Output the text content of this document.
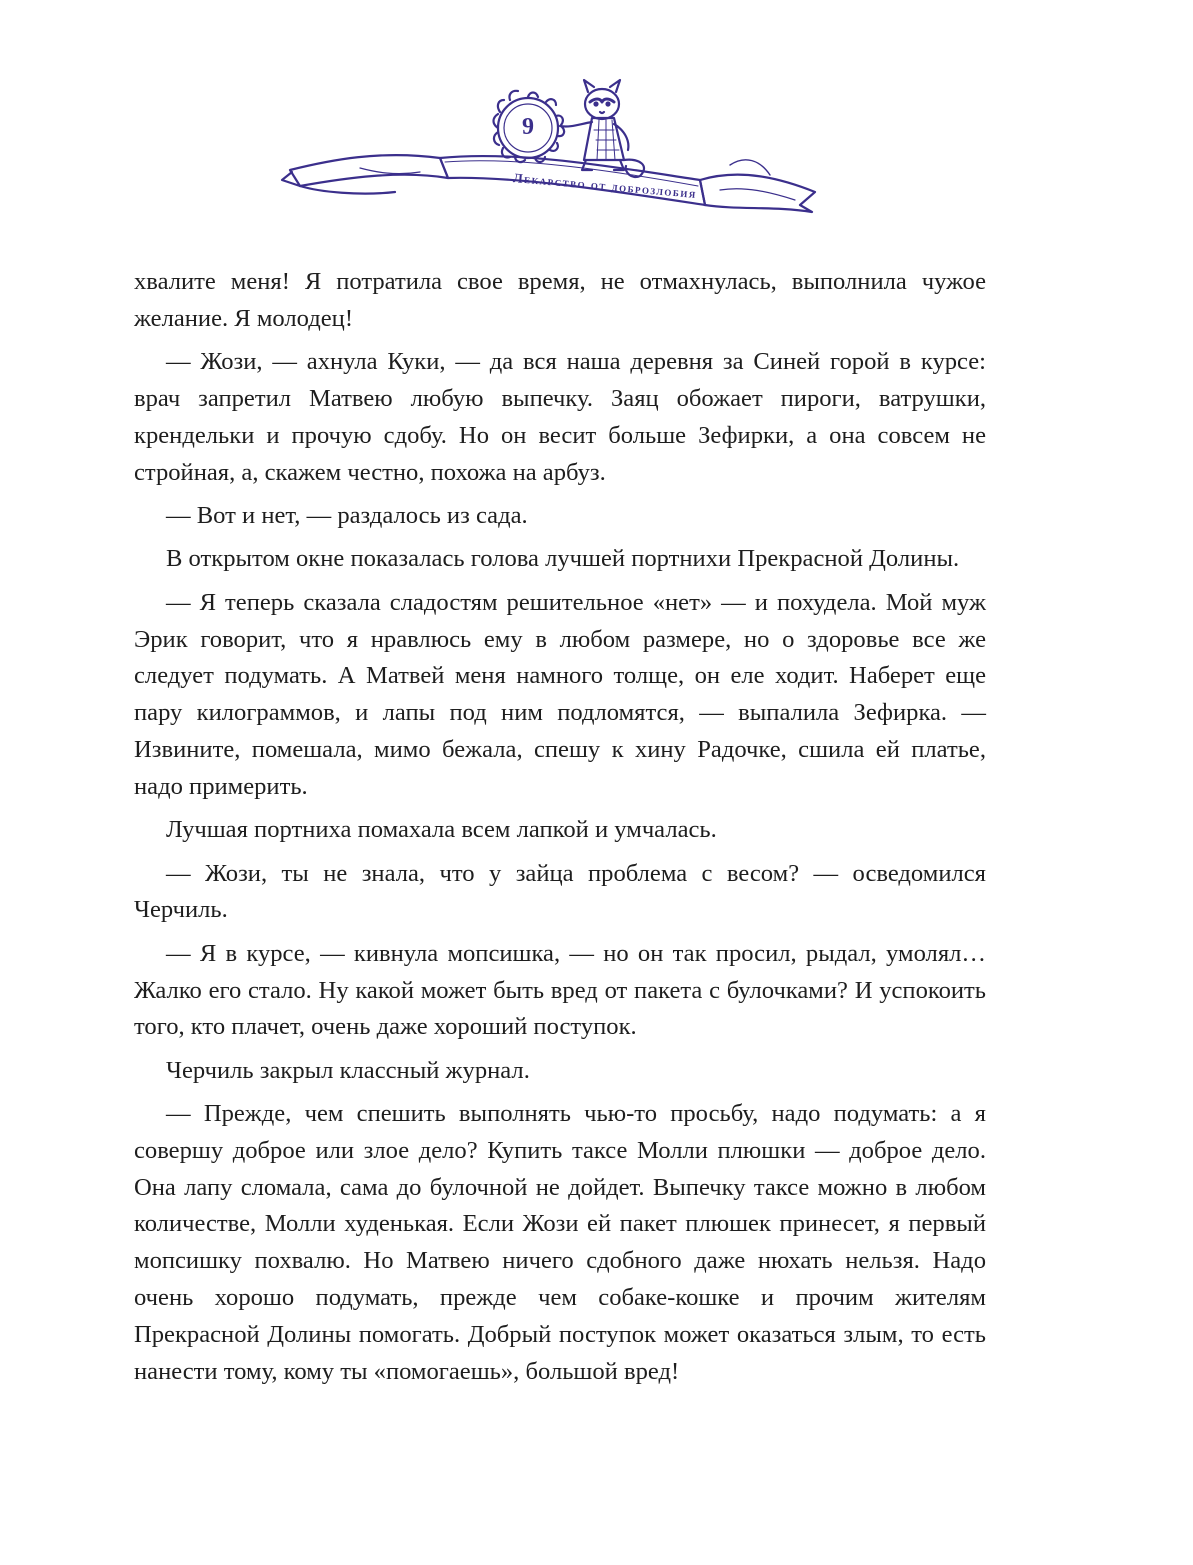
9
Лекарство от доброзлобия

хвалите меня! Я потратила свое время, не отмахнулась, выполнила чужое желание. Я молодец!

— Жози, — ахнула Куки, — да вся наша деревня за Синей горой в курсе: врач запретил Матвею любую выпечку. Заяц обожает пироги, ватрушки, крендельки и прочую сдобу. Но он весит больше Зефирки, а она совсем не стройная, а, скажем честно, похожа на арбуз.

— Вот и нет, — раздалось из сада.

В открытом окне показалась голова лучшей портнихи Прекрасной Долины.

— Я теперь сказала сладостям решительное «нет» — и похудела. Мой муж Эрик говорит, что я нравлюсь ему в любом размере, но о здоровье все же следует подумать. А Матвей меня намного толще, он еле ходит. Наберет еще пару килограммов, и лапы под ним подломятся, — выпалила Зефирка. — Извините, помешала, мимо бежала, спешу к хину Радочке, сшила ей платье, надо примерить.

Лучшая портниха помахала всем лапкой и умчалась.

— Жози, ты не знала, что у зайца проблема с весом? — осведомился Черчиль.

— Я в курсе, — кивнула мопсишка, — но он так просил, рыдал, умолял… Жалко его стало. Ну какой может быть вред от пакета с булочками? И успокоить того, кто плачет, очень даже хороший поступок.

Черчиль закрыл классный журнал.

— Прежде, чем спешить выполнять чью-то просьбу, надо подумать: а я совершу доброе или злое дело? Купить таксе Молли плюшки — доброе дело. Она лапу сломала, сама до булочной не дойдет. Выпечку таксе можно в любом количестве, Молли худенькая. Если Жози ей пакет плюшек принесет, я первый мопсишку похвалю. Но Матвею ничего сдобного даже нюхать нельзя. Надо очень хорошо подумать, прежде чем собаке-кошке и прочим жителям Прекрасной Долины помогать. Добрый поступок может оказаться злым, то есть нанести тому, кому ты «помогаешь», большой вред!
